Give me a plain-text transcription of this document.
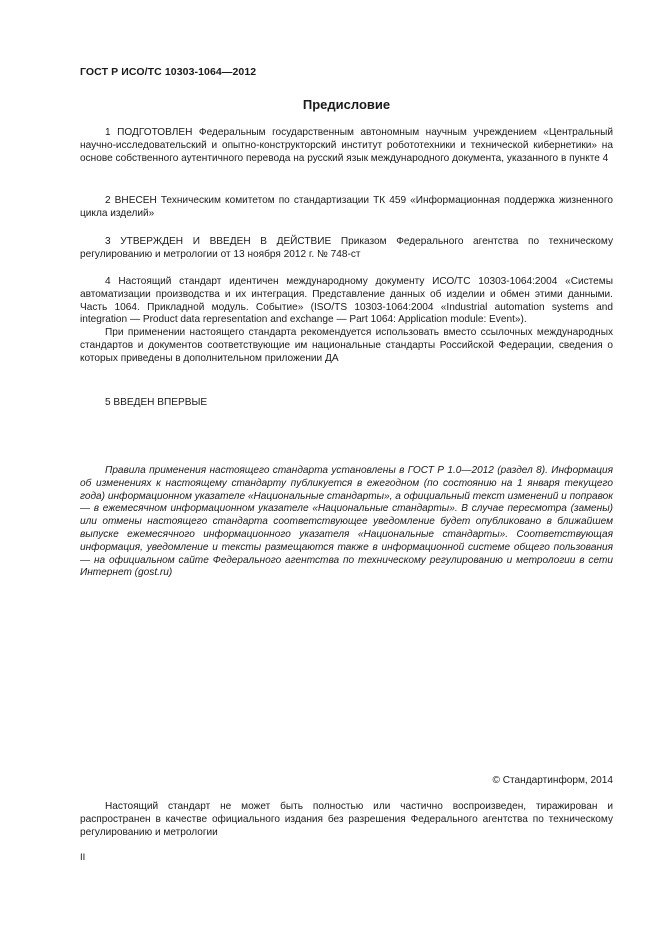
ГОСТ Р ИСО/ТС 10303-1064—2012
Предисловие

1 ПОДГОТОВЛЕН Федеральным государственным автономным научным учреждением «Центральный научно-исследовательский и опытно-конструкторский институт робототехники и технической кибернетики» на основе собственного аутентичного перевода на русский язык международного документа, указанного в пункте 4

2 ВНЕСЕН Техническим комитетом по стандартизации ТК 459 «Информационная поддержка жизненного цикла изделий»

3 УТВЕРЖДЕН И ВВЕДЕН В ДЕЙСТВИЕ Приказом Федерального агентства по техническому регулированию и метрологии от 13 ноября 2012 г. № 748-ст

4 Настоящий стандарт идентичен международному документу ИСО/ТС 10303-1064:2004 «Системы автоматизации производства и их интеграция. Представление данных об изделии и обмен этими данными. Часть 1064. Прикладной модуль. Событие» (ISO/TS 10303-1064:2004 «Industrial automation systems and integration — Product data representation and exchange — Part 1064: Application module: Event»).

При применении настоящего стандарта рекомендуется использовать вместо ссылочных международных стандартов и документов соответствующие им национальные стандарты Российской Федерации, сведения о которых приведены в дополнительном приложении ДА

5 ВВЕДЕН ВПЕРВЫЕ

Правила применения настоящего стандарта установлены в ГОСТ Р 1.0—2012 (раздел 8). Информация об изменениях к настоящему стандарту публикуется в ежегодном (по состоянию на 1 января текущего года) информационном указателе «Национальные стандарты», а официальный текст изменений и поправок — в ежемесячном информационном указателе «Национальные стандарты». В случае пересмотра (замены) или отмены настоящего стандарта соответствующее уведомление будет опубликовано в ближайшем выпуске ежемесячного информационного указателя «Национальные стандарты». Соответствующая информация, уведомление и тексты размещаются также в информационной системе общего пользования — на официальном сайте Федерального агентства по техническому регулированию и метрологии в сети Интернет (gost.ru)

© Стандартинформ, 2014

Настоящий стандарт не может быть полностью или частично воспроизведен, тиражирован и распространен в качестве официального издания без разрешения Федерального агентства по техническому регулированию и метрологии

II
